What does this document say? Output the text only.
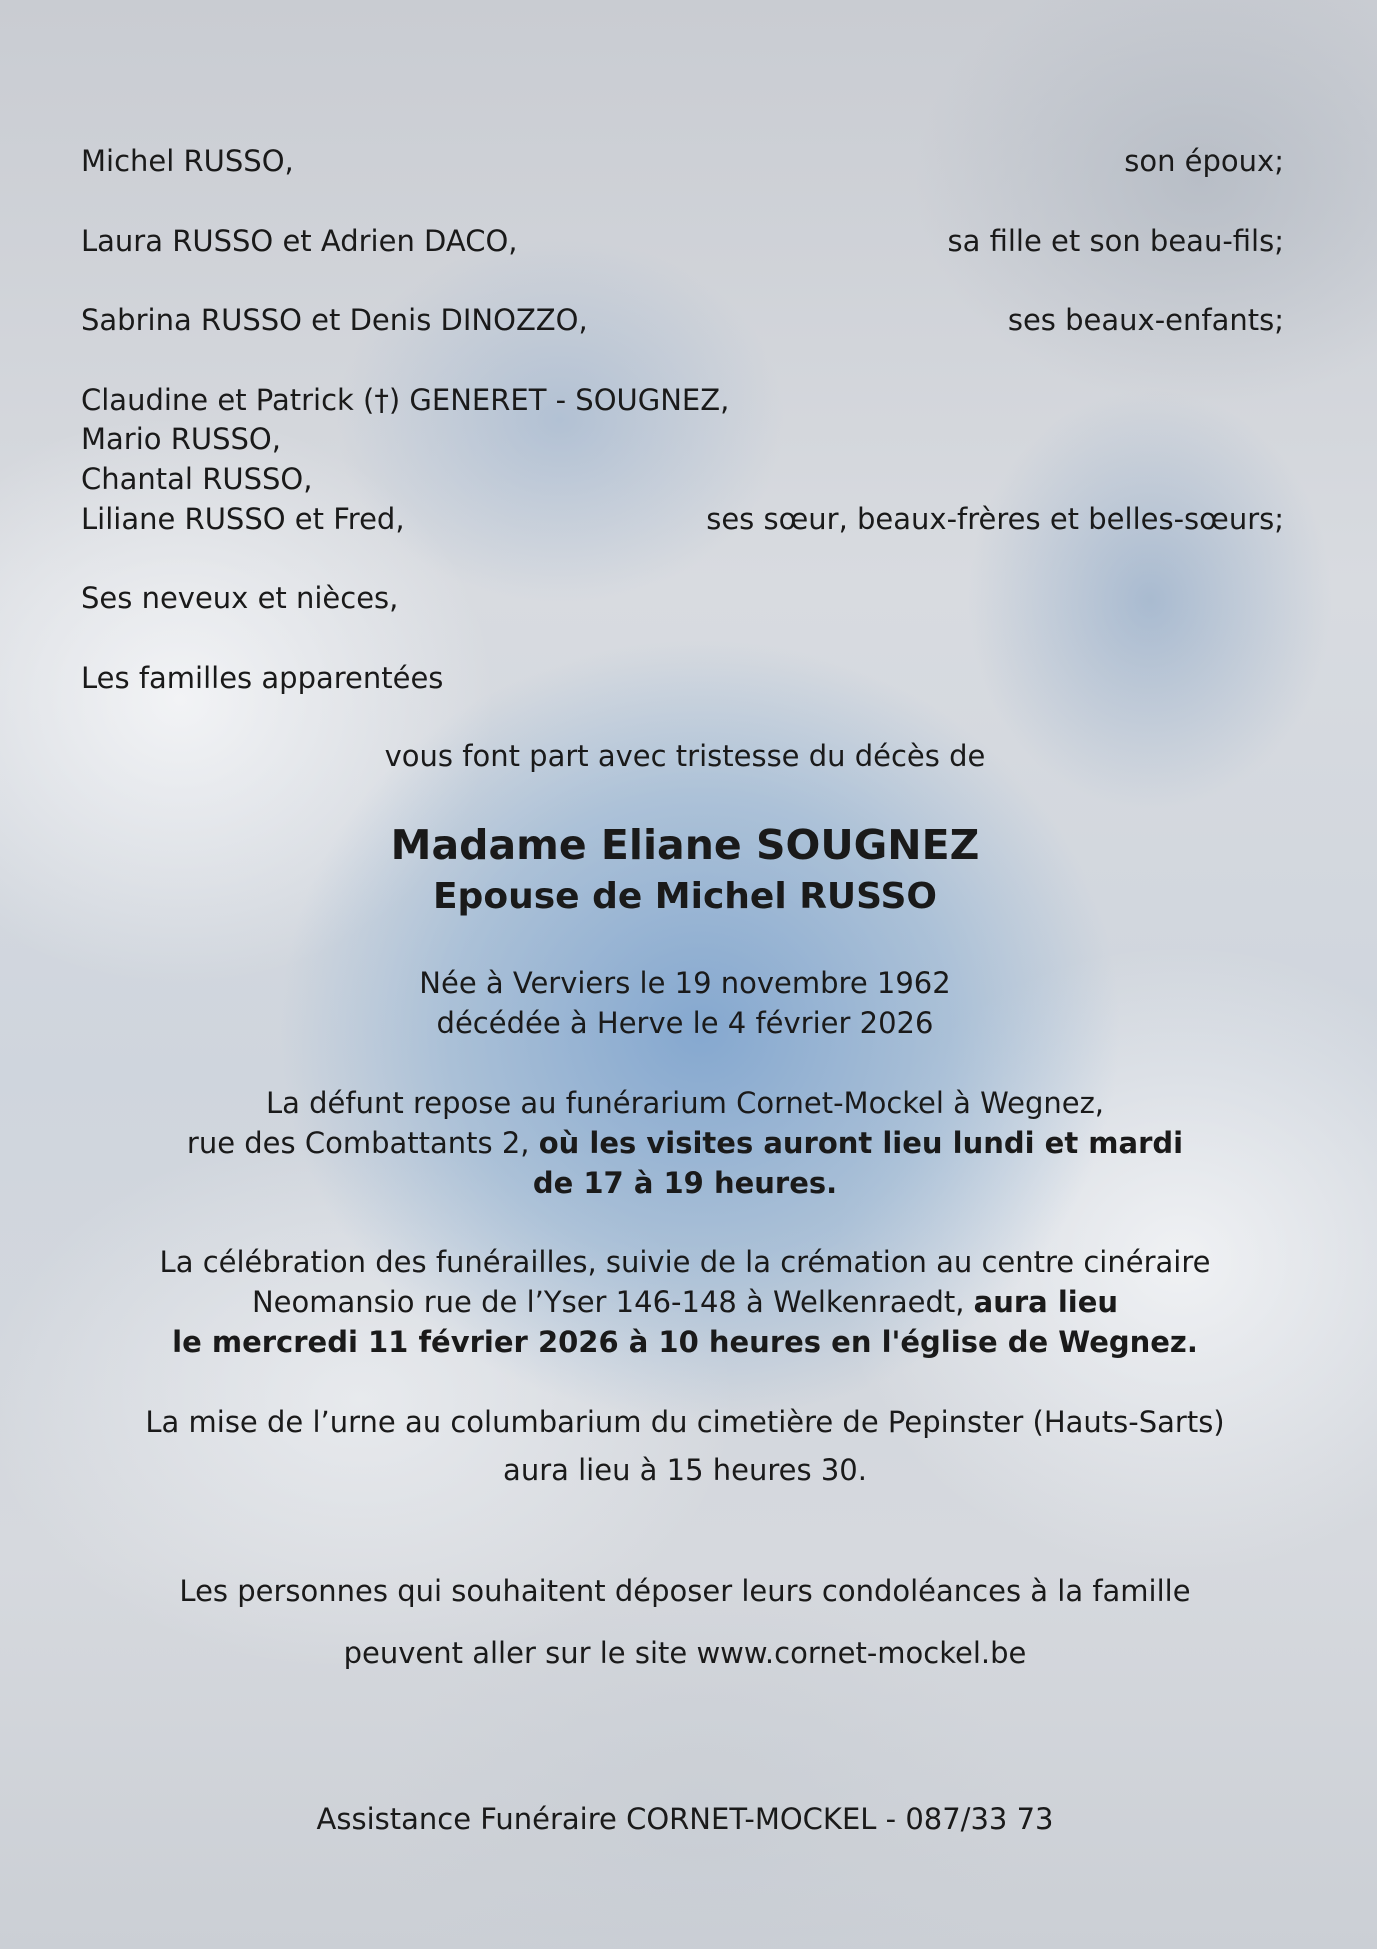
Michel RUSSO,	son époux;
Laura RUSSO et Adrien DACO,	sa fille et son beau-fils;
Sabrina RUSSO et Denis DINOZZO,	ses beaux-enfants;
Claudine et Patrick (†) GENERET - SOUGNEZ,
Mario RUSSO,
Chantal RUSSO,
Liliane RUSSO et Fred,	ses sœur, beaux-frères et belles-sœurs;
Ses neveux et nièces,
Les familles apparentées
vous font part avec tristesse du décès de
Madame Eliane SOUGNEZ
Epouse de Michel RUSSO
Née à Verviers le 19 novembre 1962
décédée à Herve le 4 février 2026
La défunt repose au funérarium Cornet-Mockel à Wegnez,
rue des Combattants 2, où les visites auront lieu lundi et mardi
de 17 à 19 heures.
La célébration des funérailles, suivie de la crémation au centre cinéraire
Neomansio rue de l’Yser 146-148 à Welkenraedt, aura lieu
le mercredi 11 février 2026 à 10 heures en l'église de Wegnez.
La mise de l’urne au columbarium du cimetière de Pepinster (Hauts-Sarts)
aura lieu à 15 heures 30.
Les personnes qui souhaitent déposer leurs condoléances à la famille
peuvent aller sur le site www.cornet-mockel.be
Assistance Funéraire CORNET-MOCKEL - 087/33 73
